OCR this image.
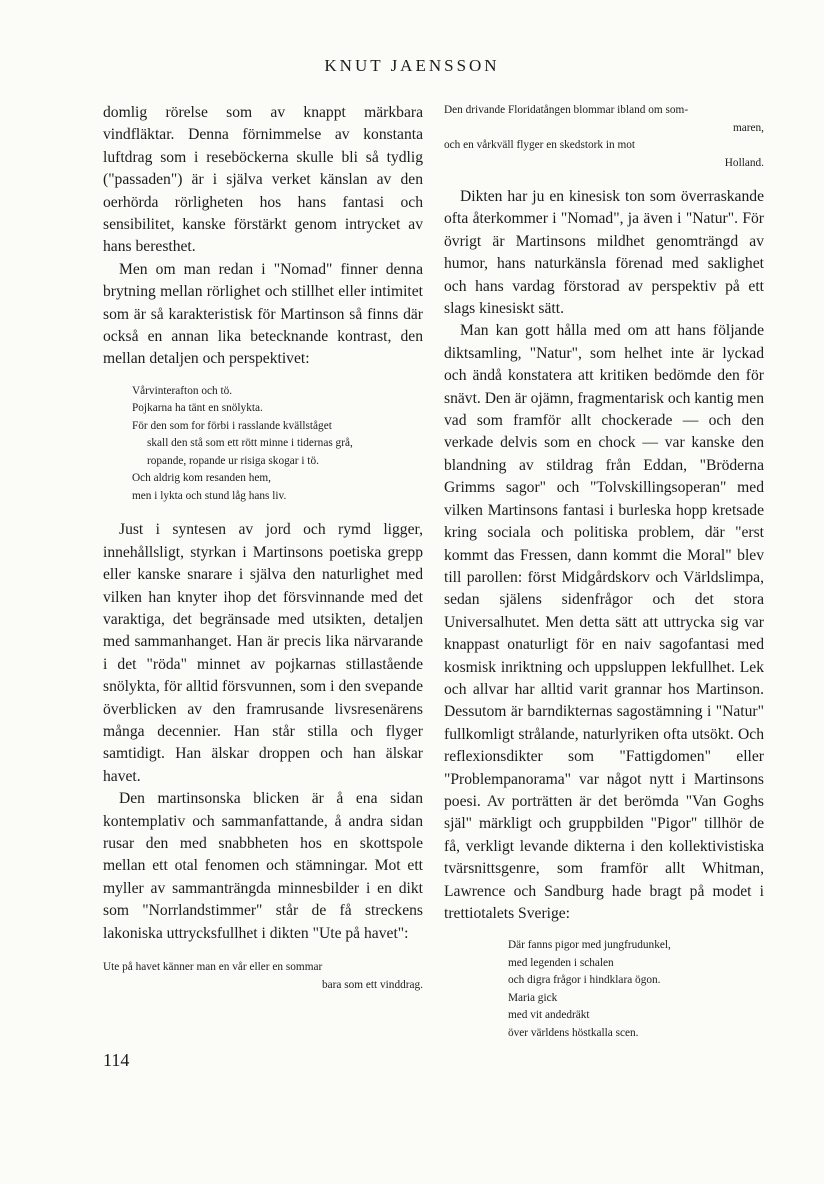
KNUT JAENSSON

domlig rörelse som av knappt märkbara vindfläktar. Denna förnimmelse av konstanta luftdrag som i reseböckerna skulle bli så tydlig ("passaden") är i själva verket känslan av den oerhörda rörligheten hos hans fantasi och sensibilitet, kanske förstärkt genom intrycket av hans beresthet.

Men om man redan i "Nomad" finner denna brytning mellan rörlighet och stillhet eller intimitet som är så karakteristisk för Martinson så finns där också en annan lika betecknande kontrast, den mellan detaljen och perspektivet:

Vårvinterafton och tö.
Pojkarna ha tänt en snölykta.
För den som for förbi i rasslande kvällståget
skall den stå som ett rött minne i tidernas grå,
ropande, ropande ur risiga skogar i tö.
Och aldrig kom resanden hem,
men i lykta och stund låg hans liv.

Just i syntesen av jord och rymd ligger, innehållsligt, styrkan i Martinsons poetiska grepp eller kanske snarare i själva den naturlighet med vilken han knyter ihop det försvinnande med det varaktiga, det begränsade med utsikten, detaljen med sammanhanget. Han är precis lika närvarande i det "röda" minnet av pojkarnas stillastående snölykta, för alltid försvunnen, som i den svepande överblicken av den framrusande livsresenärens många decennier. Han står stilla och flyger samtidigt. Han älskar droppen och han älskar havet.

Den martinsonska blicken är å ena sidan kontemplativ och sammanfattande, å andra sidan rusar den med snabbheten hos en skottspole mellan ett otal fenomen och stämningar. Mot ett myller av sammanträngda minnesbilder i en dikt som "Norrlandstimmer" står de få streckens lakoniska uttrycksfullhet i dikten "Ute på havet":

Ute på havet känner man en vår eller en sommar
bara som ett vinddrag.
Den drivande Floridatången blommar ibland om som-
maren,
och en vårkväll flyger en skedstork in mot
Holland.

Dikten har ju en kinesisk ton som överraskande ofta återkommer i "Nomad", ja även i "Natur". För övrigt är Martinsons mildhet genomträngd av humor, hans naturkänsla förenad med saklighet och hans vardag förstorad av perspektiv på ett slags kinesiskt sätt.

Man kan gott hålla med om att hans följande diktsamling, "Natur", som helhet inte är lyckad och ändå konstatera att kritiken bedömde den för snävt. Den är ojämn, fragmentarisk och kantig men vad som framför allt chockerade — och den verkade delvis som en chock — var kanske den blandning av stildrag från Eddan, "Bröderna Grimms sagor" och "Tolvskillingsoperan" med vilken Martinsons fantasi i burleska hopp kretsade kring sociala och politiska problem, där "erst kommt das Fressen, dann kommt die Moral" blev till parollen: först Midgårdskorv och Världslimpa, sedan själens sidenfrågor och det stora Universalhutet. Men detta sätt att uttrycka sig var knappast onaturligt för en naiv sagofantasi med kosmisk inriktning och uppsluppen lekfullhet. Lek och allvar har alltid varit grannar hos Martinson. Dessutom är barndikternas sagostämning i "Natur" fullkomligt strålande, naturlyriken ofta utsökt. Och reflexionsdikter som "Fattigdomen" eller "Problempanorama" var något nytt i Martinsons poesi. Av porträtten är det berömda "Van Goghs själ" märkligt och gruppbilden "Pigor" tillhör de få, verkligt levande dikterna i den kollektivistiska tvärsnittsgenre, som framför allt Whitman, Lawrence och Sandburg hade bragt på modet i trettiotalets Sverige:

Där fanns pigor med jungfrudunkel,
med legenden i schalen
och digra frågor i hindklara ögon.
Maria gick
med vit andedräkt
över världens höstkalla scen.
114
